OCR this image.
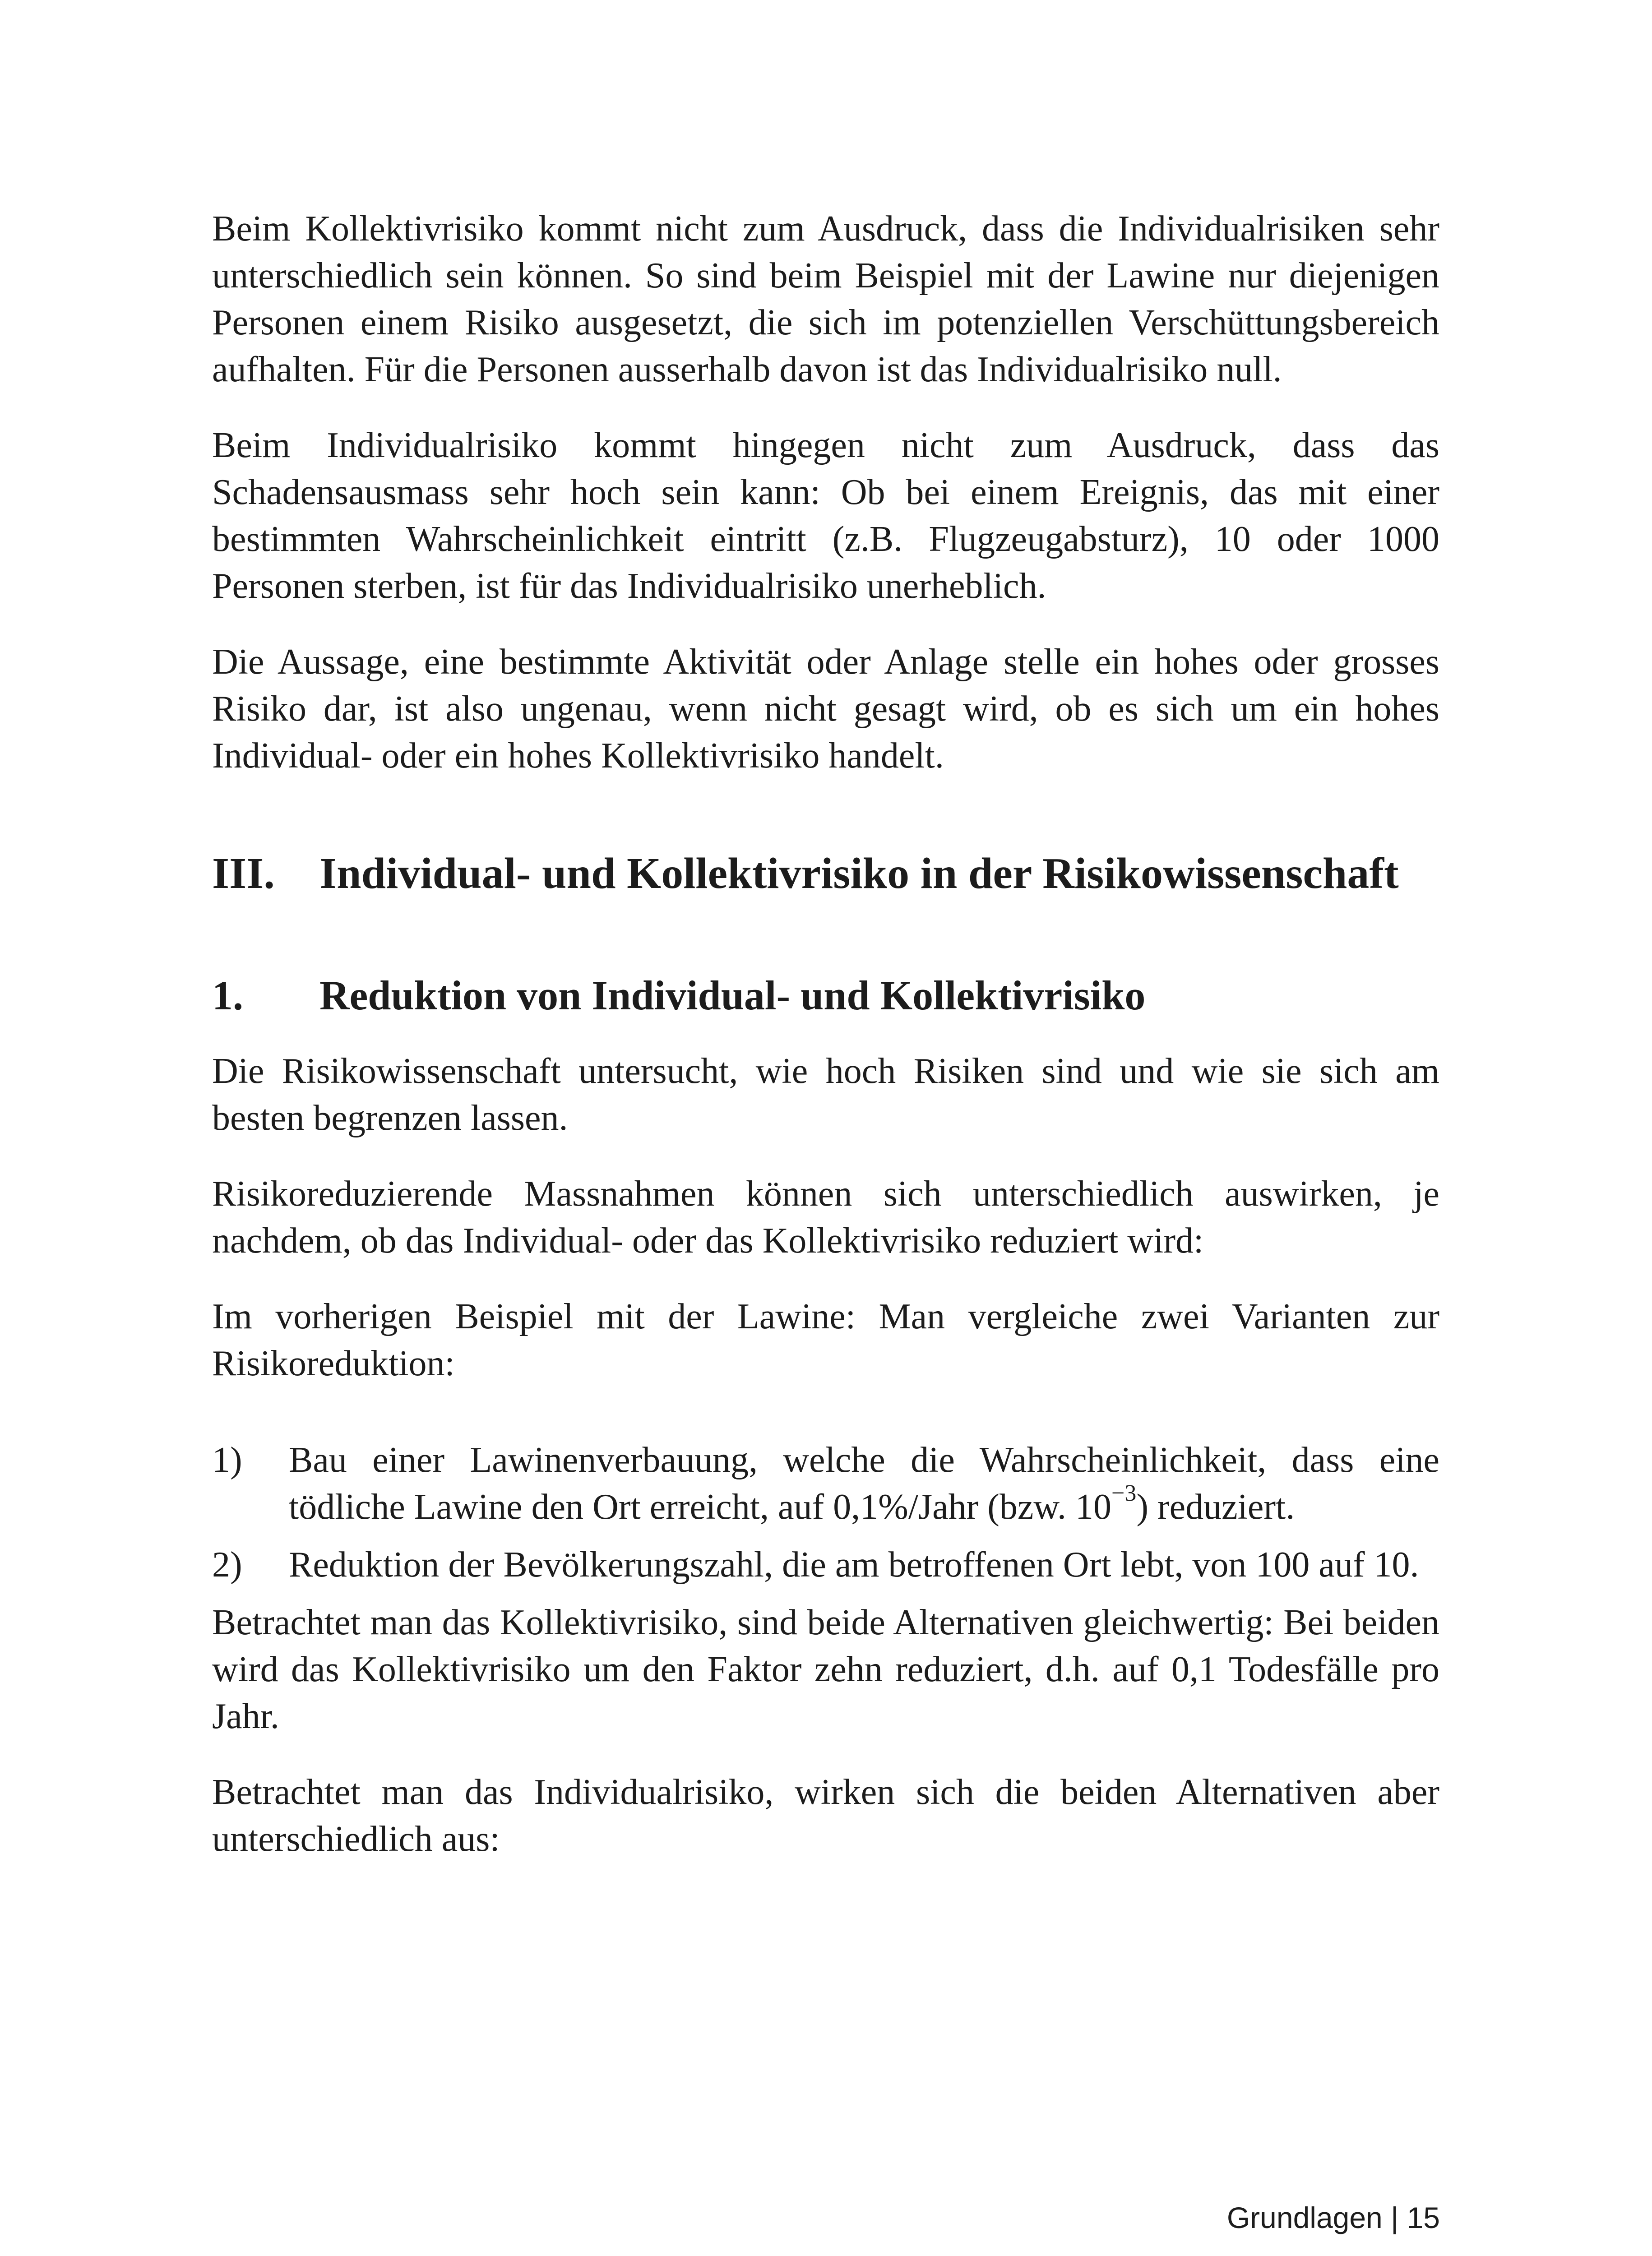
Beim Kollektivrisiko kommt nicht zum Ausdruck, dass die Individualrisiken sehr unterschiedlich sein können. So sind beim Beispiel mit der Lawine nur diejenigen Personen einem Risiko ausgesetzt, die sich im potenziellen Verschüttungsbereich aufhalten. Für die Personen ausserhalb davon ist das Individualrisiko null.

Beim Individualrisiko kommt hingegen nicht zum Ausdruck, dass das Schadensausmass sehr hoch sein kann: Ob bei einem Ereignis, das mit einer bestimmten Wahrscheinlichkeit eintritt (z.B. Flugzeugabsturz), 10 oder 1000 Personen sterben, ist für das Individualrisiko unerheblich.

Die Aussage, eine bestimmte Aktivität oder Anlage stelle ein hohes oder grosses Risiko dar, ist also ungenau, wenn nicht gesagt wird, ob es sich um ein hohes Individual- oder ein hohes Kollektivrisiko handelt.

III.	Individual- und Kollektivrisiko in der Risikowissenschaft
1.	Reduktion von Individual- und Kollektivrisiko

Die Risikowissenschaft untersucht, wie hoch Risiken sind und wie sie sich am besten begrenzen lassen.

Risikoreduzierende Massnahmen können sich unterschiedlich auswirken, je nachdem, ob das Individual- oder das Kollektivrisiko reduziert wird:

Im vorherigen Beispiel mit der Lawine: Man vergleiche zwei Varianten zur Risikoreduktion:

1)	Bau einer Lawinenverbauung, welche die Wahrscheinlichkeit, dass eine tödliche Lawine den Ort erreicht, auf 0,1%/Jahr (bzw. $10^{-3}$) reduziert.
2)	Reduktion der Bevölkerungszahl, die am betroffenen Ort lebt, von 100 auf 10.

Betrachtet man das Kollektivrisiko, sind beide Alternativen gleichwertig: Bei beiden wird das Kollektivrisiko um den Faktor zehn reduziert, d.h. auf 0,1 Todesfälle pro Jahr.

Betrachtet man das Individualrisiko, wirken sich die beiden Alternativen aber unterschiedlich aus:

Grundlagen | 15
